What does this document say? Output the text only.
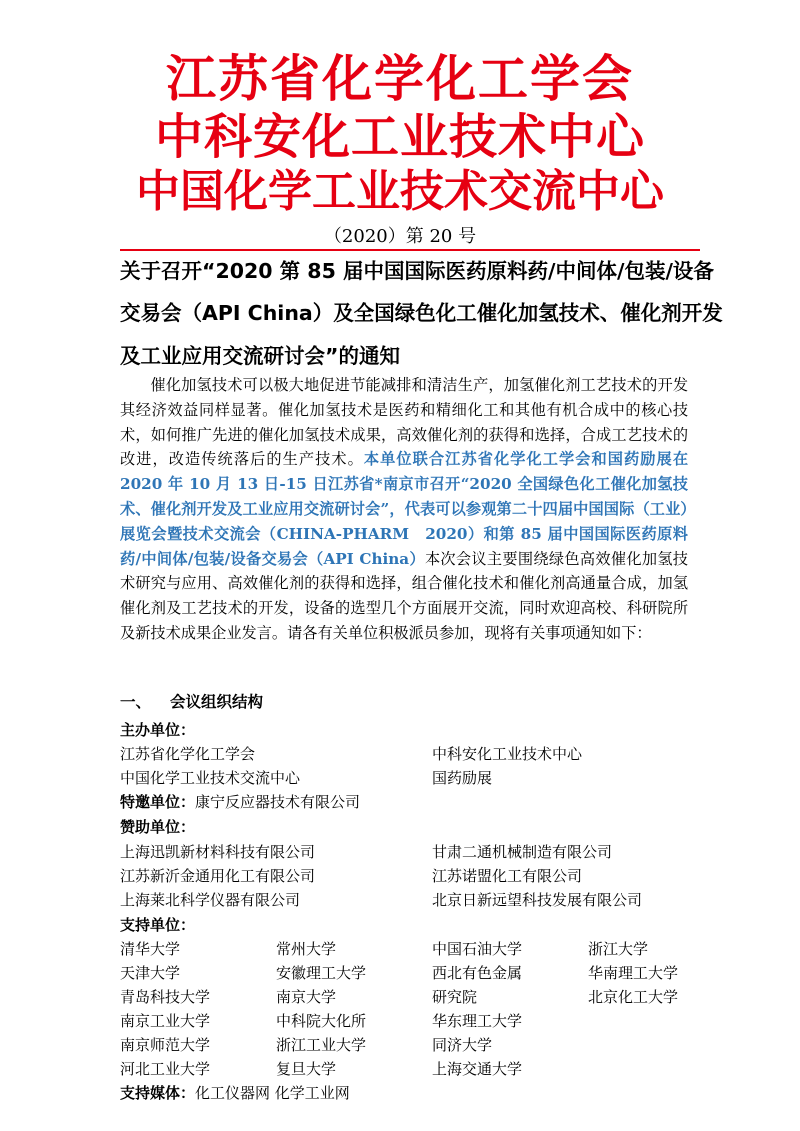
江苏省化学化工学会
中科安化工业技术中心
中国化学工业技术交流中心
（2020）第 20 号
关于召开“2020 第 85 届中国国际医药原料药/中间体/包装/设备
交易会（API China）及全国绿色化工催化加氢技术、催化剂开发
及工业应用交流研讨会”的通知
催化加氢技术可以极大地促进节能减排和清洁生产，加氢催化剂工艺技术的开发其经济效益同样显著。催化加氢技术是医药和精细化工和其他有机合成中的核心技术，如何推广先进的催化加氢技术成果，高效催化剂的获得和选择，合成工艺技术的改进，改造传统落后的生产技术。本单位联合江苏省化学化工学会和国药励展在 2020 年 10 月 13 日-15 日江苏省*南京市召开“2020 全国绿色化工催化加氢技术、催化剂开发及工业应用交流研讨会”，代表可以参观第二十四届中国国际（工业）展览会暨技术交流会（CHINA-PHARM　2020）和第 85 届中国国际医药原料药/中间体/包装/设备交易会（API China）本次会议主要围绕绿色高效催化加氢技术研究与应用、高效催化剂的获得和选择，组合催化技术和催化剂高通量合成，加氢催化剂及工艺技术的开发，设备的选型几个方面展开交流，同时欢迎高校、科研院所及新技术成果企业发言。请各有关单位积极派员参加，现将有关事项通知如下：
一、 会议组织结构
主办单位：
江苏省化学化工学会	中科安化工业技术中心
中国化学工业技术交流中心	国药励展
特邀单位：康宁反应器技术有限公司
赞助单位：
上海迅凯新材料科技有限公司	甘肃二通机械制造有限公司
江苏新沂金通用化工有限公司	江苏诺盟化工有限公司
上海莱北科学仪器有限公司	北京日新远望科技发展有限公司
支持单位：
清华大学	常州大学	中国石油大学	浙江大学
天津大学	安徽理工大学	西北有色金属	华南理工大学
青岛科技大学	南京大学	研究院	北京化工大学
南京工业大学	中科院大化所	华东理工大学
南京师范大学	浙江工业大学	同济大学
河北工业大学	复旦大学	上海交通大学
支持媒体：化工仪器网 化学工业网
